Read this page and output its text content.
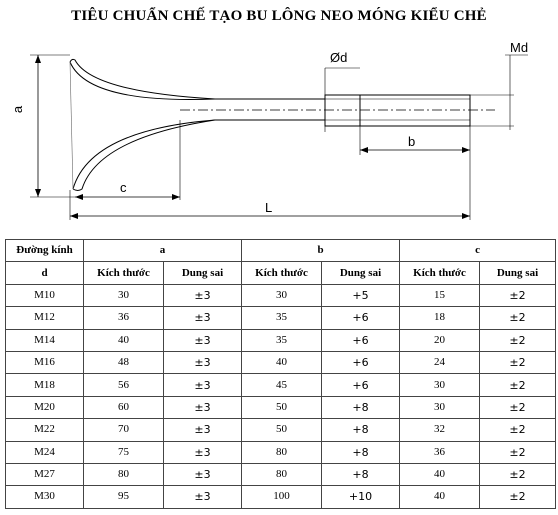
TIÊU CHUẨN CHẾ TẠO BU LÔNG NEO MÓNG KIỂU CHẺ
a
c
L
b
Ød
Md
Đường kính	a		b		c	
d	Kích thước	Dung sai	Kích thước	Dung sai	Kích thước	Dung sai
M10	30	±3	30	+5	15	±2
M12	36	±3	35	+6	18	±2
M14	40	±3	35	+6	20	±2
M16	48	±3	40	+6	24	±2
M18	56	±3	45	+6	30	±2
M20	60	±3	50	+8	30	±2
M22	70	±3	50	+8	32	±2
M24	75	±3	80	+8	36	±2
M27	80	±3	80	+8	40	±2
M30	95	±3	100	+10	40	±2
